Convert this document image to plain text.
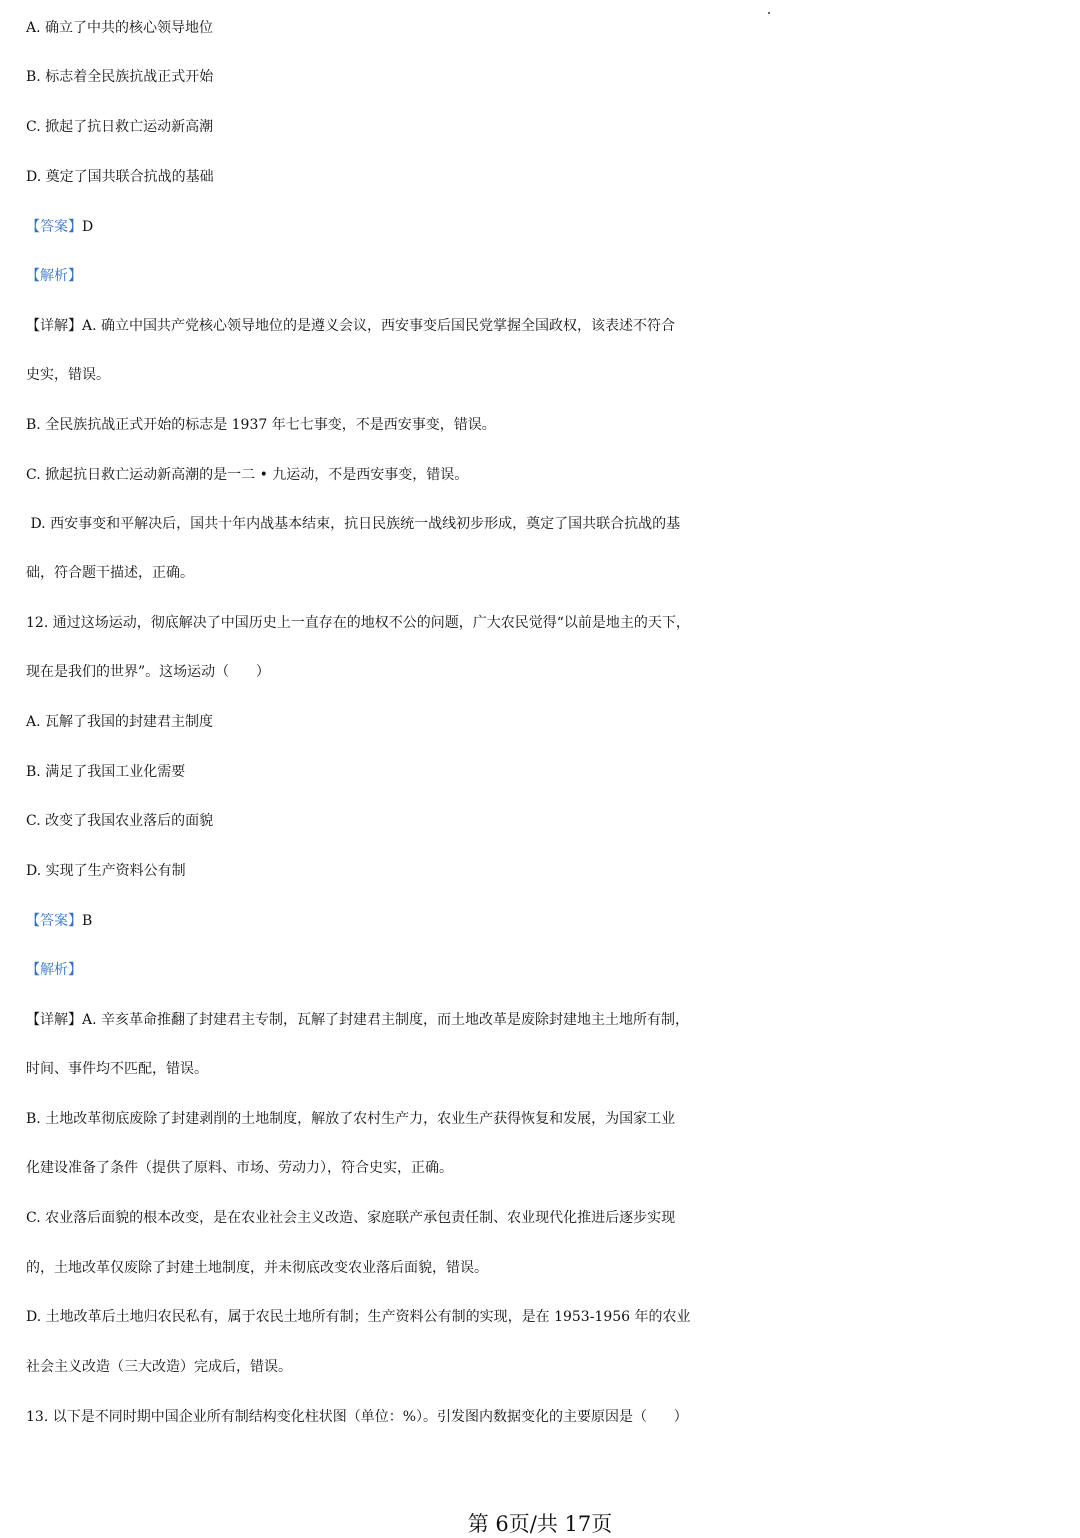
A. 确立了中共的核心领导地位
B. 标志着全民族抗战正式开始
C. 掀起了抗日救亡运动新高潮
D. 奠定了国共联合抗战的基础
【答案】D
【解析】
【详解】A. 确立中国共产党核心领导地位的是遵义会议，西安事变后国民党掌握全国政权，该表述不符合
史实，错误。
B. 全民族抗战正式开始的标志是 1937 年七七事变，不是西安事变，错误。
C. 掀起抗日救亡运动新高潮的是一二 • 九运动，不是西安事变，错误。
D. 西安事变和平解决后，国共十年内战基本结束，抗日民族统一战线初步形成，奠定了国共联合抗战的基
础，符合题干描述，正确。
12. 通过这场运动，彻底解决了中国历史上一直存在的地权不公的问题，广大农民觉得“以前是地主的天下，
现在是我们的世界”。这场运动（      ）
A. 瓦解了我国的封建君主制度
B. 满足了我国工业化需要
C. 改变了我国农业落后的面貌
D. 实现了生产资料公有制
【答案】B
【解析】
【详解】A. 辛亥革命推翻了封建君主专制，瓦解了封建君主制度，而土地改革是废除封建地主土地所有制，
时间、事件均不匹配，错误。
B. 土地改革彻底废除了封建剥削的土地制度，解放了农村生产力，农业生产获得恢复和发展，为国家工业
化建设准备了条件（提供了原料、市场、劳动力），符合史实，正确。
C. 农业落后面貌的根本改变，是在农业社会主义改造、家庭联产承包责任制、农业现代化推进后逐步实现
的，土地改革仅废除了封建土地制度，并未彻底改变农业落后面貌，错误。
D. 土地改革后土地归农民私有，属于农民土地所有制；生产资料公有制的实现，是在 1953-1956 年的农业
社会主义改造（三大改造）完成后，错误。
13. 以下是不同时期中国企业所有制结构变化柱状图（单位：%）。引发图内数据变化的主要原因是（      ）
第 6页/共 17页
